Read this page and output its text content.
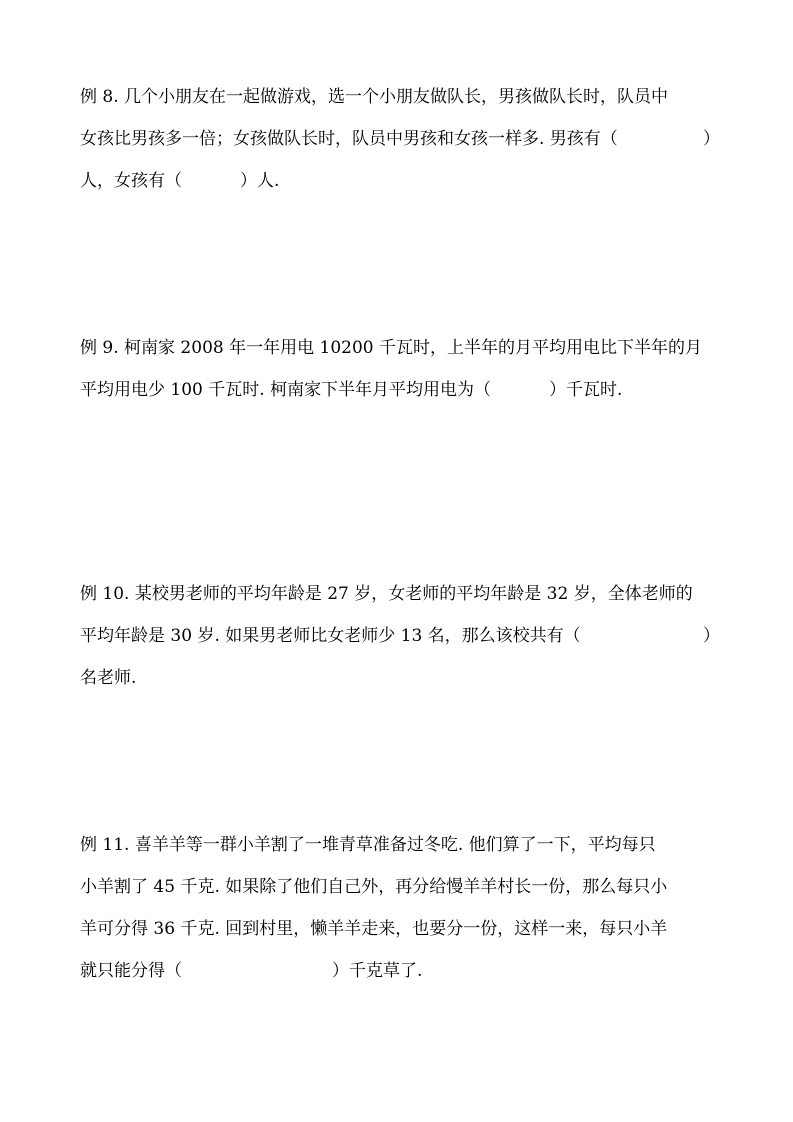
例 8. 几个小朋友在一起做游戏，选一个小朋友做队长，男孩做队长时，队员中
女孩比男孩多一倍；女孩做队长时，队员中男孩和女孩一样多. 男孩有（	）
人，女孩有（	）人.
例 9. 柯南家 2008 年一年用电 10200 千瓦时，上半年的月平均用电比下半年的月
平均用电少 100 千瓦时. 柯南家下半年月平均用电为（	）千瓦时.
例 10. 某校男老师的平均年龄是 27 岁，女老师的平均年龄是 32 岁，全体老师的
平均年龄是 30 岁. 如果男老师比女老师少 13 名，那么该校共有（	）
名老师.
例 11. 喜羊羊等一群小羊割了一堆青草准备过冬吃. 他们算了一下，平均每只
小羊割了 45 千克. 如果除了他们自己外，再分给慢羊羊村长一份，那么每只小
羊可分得 36 千克. 回到村里，懒羊羊走来，也要分一份，这样一来，每只小羊
就只能分得（	）千克草了.
